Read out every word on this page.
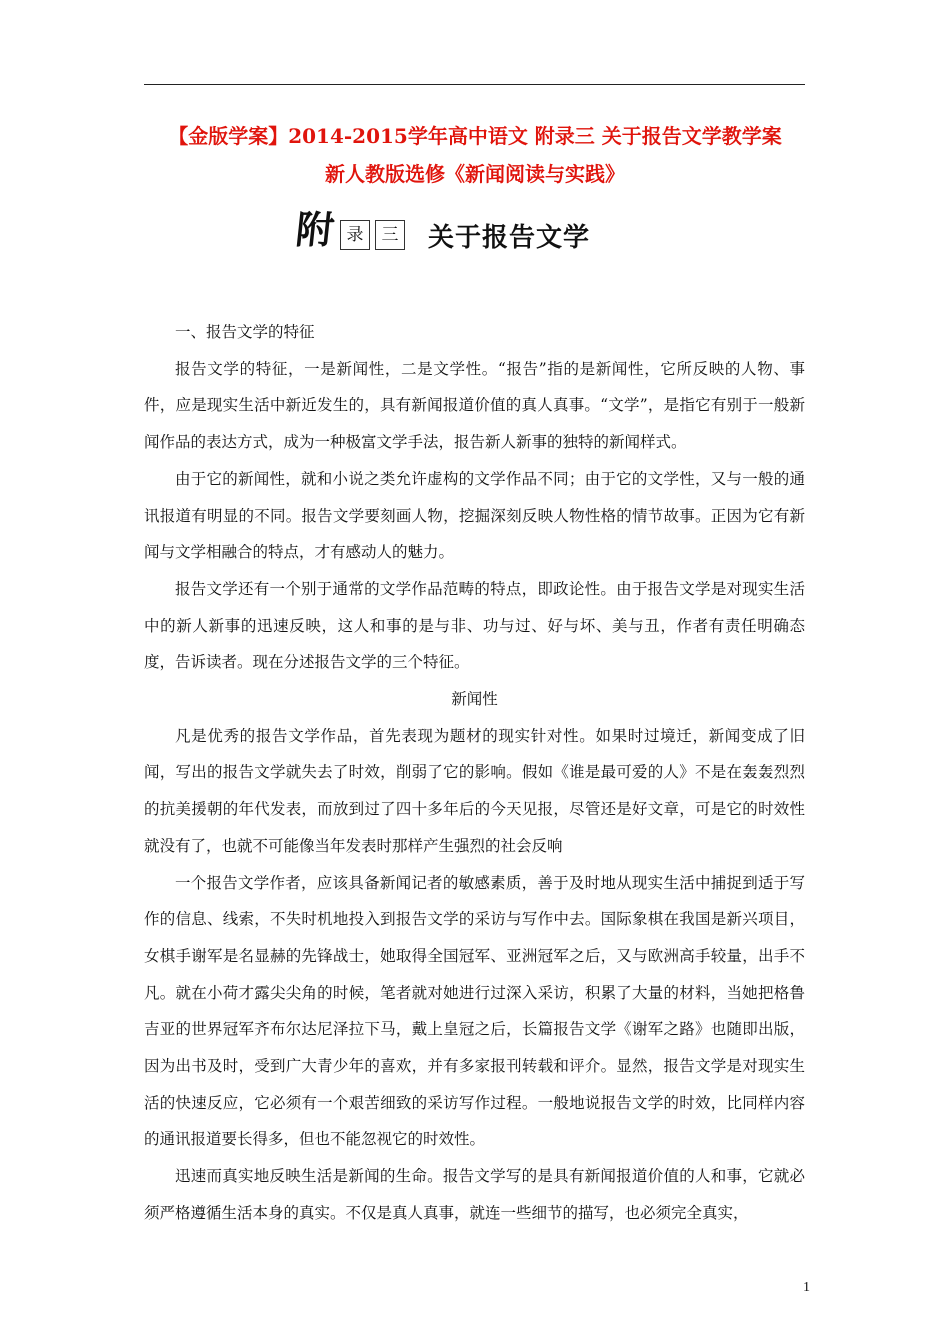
【金版学案】2014-2015学年高中语文 附录三 关于报告文学教学案
新人教版选修《新闻阅读与实践》
附 录	三 关于报告文学

一、报告文学的特征

报告文学的特征，一是新闻性，二是文学性。“报告”指的是新闻性，它所反映的人物、事件，应是现实生活中新近发生的，具有新闻报道价值的真人真事。“文学”，是指它有别于一般新闻作品的表达方式，成为一种极富文学手法，报告新人新事的独特的新闻样式。

由于它的新闻性，就和小说之类允许虚构的文学作品不同；由于它的文学性，又与一般的通讯报道有明显的不同。报告文学要刻画人物，挖掘深刻反映人物性格的情节故事。正因为它有新闻与文学相融合的特点，才有感动人的魅力。

报告文学还有一个别于通常的文学作品范畴的特点，即政论性。由于报告文学是对现实生活中的新人新事的迅速反映，这人和事的是与非、功与过、好与坏、美与丑，作者有责任明确态度，告诉读者。现在分述报告文学的三个特征。

新闻性

凡是优秀的报告文学作品，首先表现为题材的现实针对性。如果时过境迁，新闻变成了旧闻，写出的报告文学就失去了时效，削弱了它的影响。假如《谁是最可爱的人》不是在轰轰烈烈的抗美援朝的年代发表，而放到过了四十多年后的今天见报，尽管还是好文章，可是它的时效性就没有了，也就不可能像当年发表时那样产生强烈的社会反响

一个报告文学作者，应该具备新闻记者的敏感素质，善于及时地从现实生活中捕捉到适于写作的信息、线索，不失时机地投入到报告文学的采访与写作中去。国际象棋在我国是新兴项目，女棋手谢军是名显赫的先锋战士，她取得全国冠军、亚洲冠军之后，又与欧洲高手较量，出手不凡。就在小荷才露尖尖角的时候，笔者就对她进行过深入采访，积累了大量的材料，当她把格鲁吉亚的世界冠军齐布尔达尼泽拉下马，戴上皇冠之后，长篇报告文学《谢军之路》也随即出版，因为出书及时，受到广大青少年的喜欢，并有多家报刊转载和评介。显然，报告文学是对现实生活的快速反应，它必须有一个艰苦细致的采访写作过程。一般地说报告文学的时效，比同样内容的通讯报道要长得多，但也不能忽视它的时效性。

迅速而真实地反映生活是新闻的生命。报告文学写的是具有新闻报道价值的人和事，它就必须严格遵循生活本身的真实。不仅是真人真事，就连一些细节的描写，也必须完全真实，

1
